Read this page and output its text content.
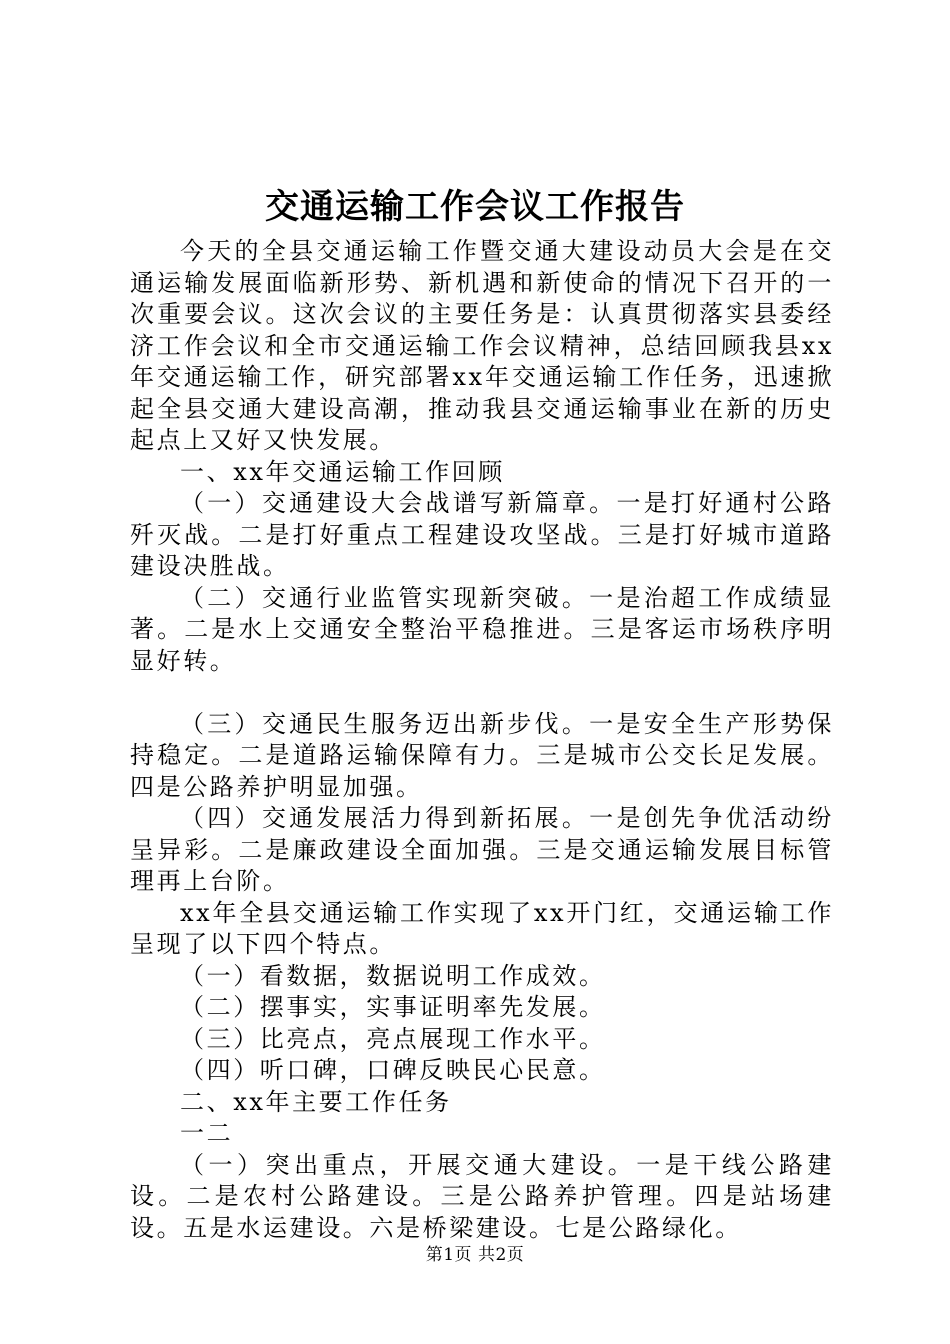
交通运输工作会议工作报告

今天的全县交通运输工作暨交通大建设动员大会是在交通运输发展面临新形势、新机遇和新使命的情况下召开的一次重要会议。这次会议的主要任务是：认真贯彻落实县委经济工作会议和全市交通运输工作会议精神，总结回顾我县xx年交通运输工作，研究部署xx年交通运输工作任务，迅速掀起全县交通大建设高潮，推动我县交通运输事业在新的历史起点上又好又快发展。

一、xx年交通运输工作回顾

（一）交通建设大会战谱写新篇章。一是打好通村公路歼灭战。二是打好重点工程建设攻坚战。三是打好城市道路建设决胜战。

（二）交通行业监管实现新突破。一是治超工作成绩显著。二是水上交通安全整治平稳推进。三是客运市场秩序明显好转。

（三）交通民生服务迈出新步伐。一是安全生产形势保持稳定。二是道路运输保障有力。三是城市公交长足发展。四是公路养护明显加强。

（四）交通发展活力得到新拓展。一是创先争优活动纷呈异彩。二是廉政建设全面加强。三是交通运输发展目标管理再上台阶。

xx年全县交通运输工作实现了xx开门红，交通运输工作呈现了以下四个特点。

（一）看数据，数据说明工作成效。

（二）摆事实，实事证明率先发展。

（三）比亮点，亮点展现工作水平。

（四）听口碑，口碑反映民心民意。

二、xx年主要工作任务

一二

（一）突出重点，开展交通大建设。一是干线公路建设。二是农村公路建设。三是公路养护管理。四是站场建设。五是水运建设。六是桥梁建设。七是公路绿化。

第1页 共2页
